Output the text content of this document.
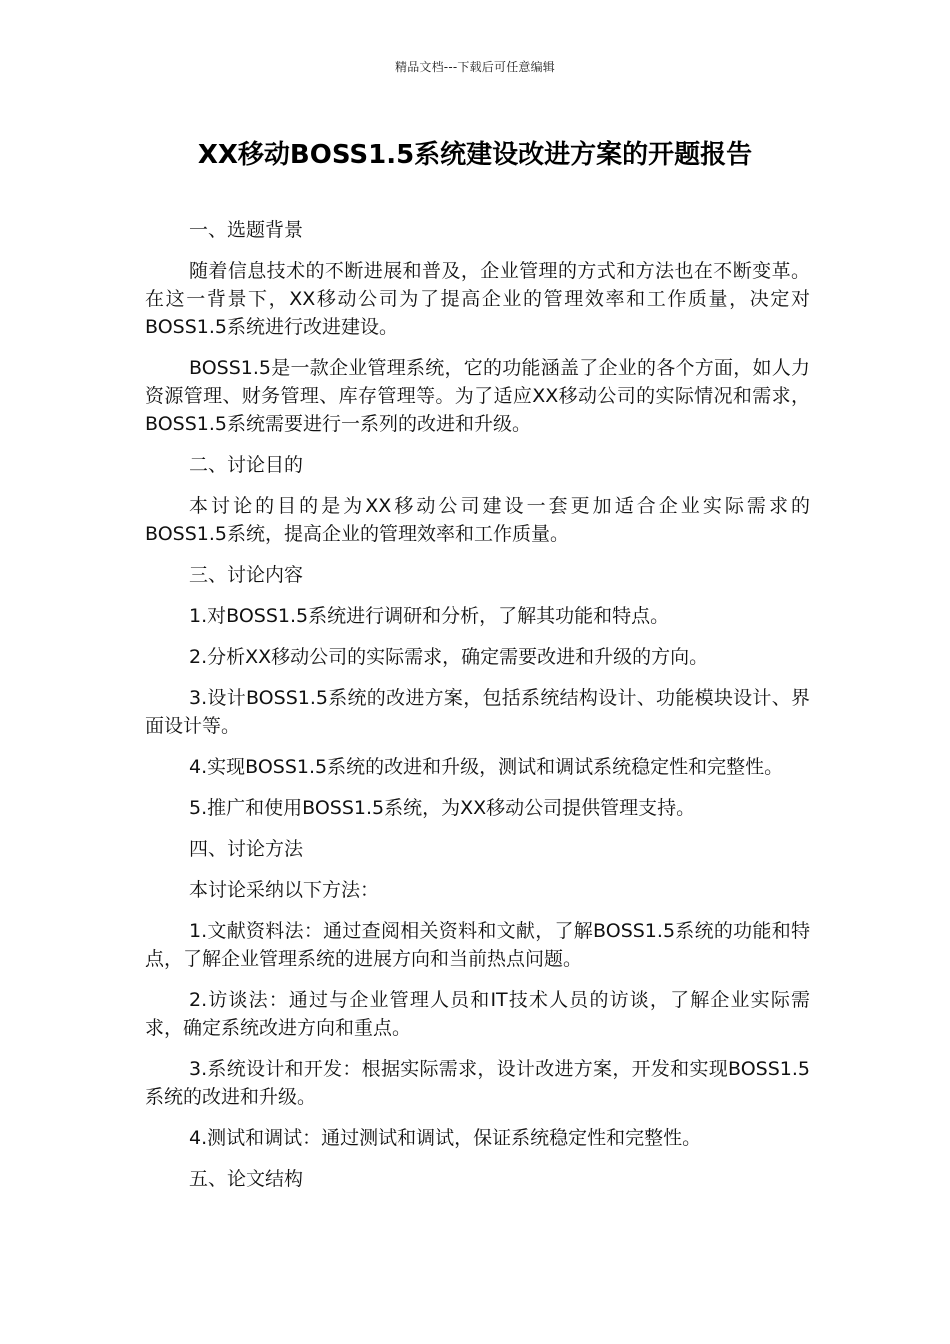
精品文档---下载后可任意编辑
XX移动BOSS1.5系统建设改进方案的开题报告

一、选题背景

随着信息技术的不断进展和普及，企业管理的方式和方法也在不断变革。在这一背景下，XX移动公司为了提高企业的管理效率和工作质量，决定对BOSS1.5系统进行改进建设。

BOSS1.5是一款企业管理系统，它的功能涵盖了企业的各个方面，如人力资源管理、财务管理、库存管理等。为了适应XX移动公司的实际情况和需求，BOSS1.5系统需要进行一系列的改进和升级。

二、讨论目的

本讨论的目的是为XX移动公司建设一套更加适合企业实际需求的BOSS1.5系统，提高企业的管理效率和工作质量。

三、讨论内容

1.对BOSS1.5系统进行调研和分析，了解其功能和特点。

2.分析XX移动公司的实际需求，确定需要改进和升级的方向。

3.设计BOSS1.5系统的改进方案，包括系统结构设计、功能模块设计、界面设计等。

4.实现BOSS1.5系统的改进和升级，测试和调试系统稳定性和完整性。

5.推广和使用BOSS1.5系统，为XX移动公司提供管理支持。

四、讨论方法

本讨论采纳以下方法：

1.文献资料法：通过查阅相关资料和文献，了解BOSS1.5系统的功能和特点，了解企业管理系统的进展方向和当前热点问题。

2.访谈法：通过与企业管理人员和IT技术人员的访谈，了解企业实际需求，确定系统改进方向和重点。

3.系统设计和开发：根据实际需求，设计改进方案，开发和实现BOSS1.5系统的改进和升级。

4.测试和调试：通过测试和调试，保证系统稳定性和完整性。

五、论文结构
